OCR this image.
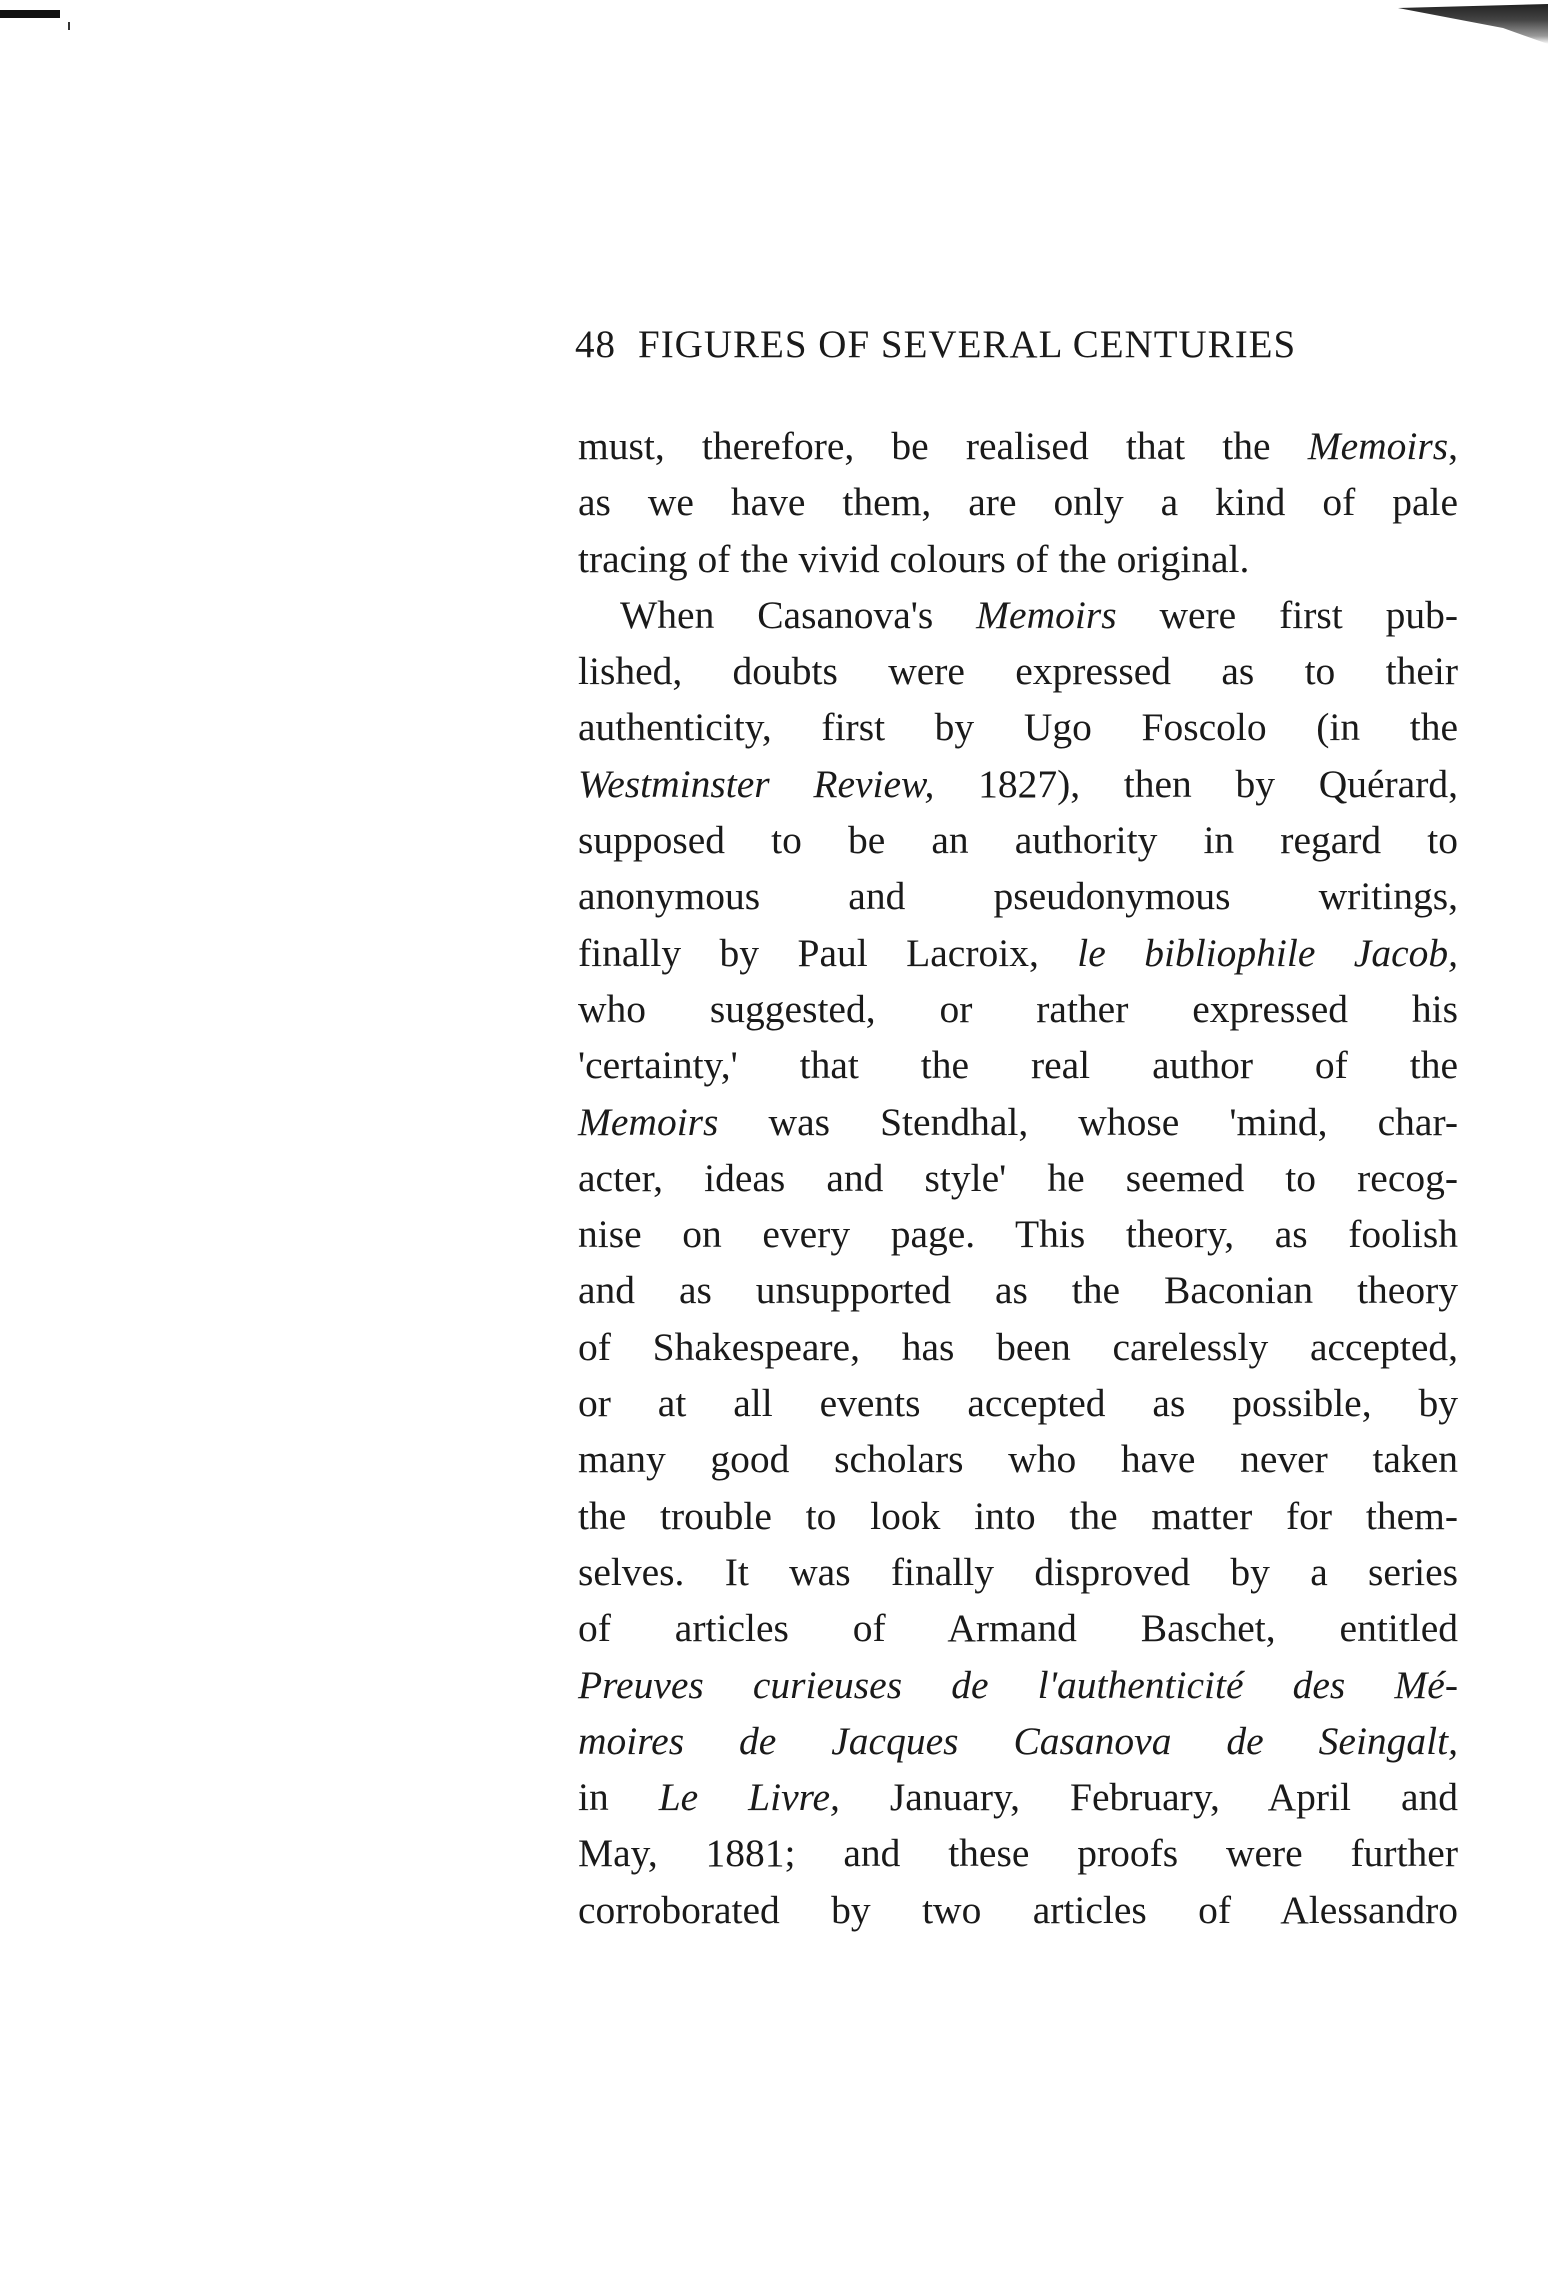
48 FIGURES OF SEVERAL CENTURIES
must, therefore, be realised that the Memoirs,
as we have them, are only a kind of pale
tracing of the vivid colours of the original.
When Casanova's Memoirs were first pub-
lished, doubts were expressed as to their
authenticity, first by Ugo Foscolo (in the
Westminster Review, 1827), then by Quérard,
supposed to be an authority in regard to
anonymous and pseudonymous writings,
finally by Paul Lacroix, le bibliophile Jacob,
who suggested, or rather expressed his
'certainty,' that the real author of the
Memoirs was Stendhal, whose 'mind, char-
acter, ideas and style' he seemed to recog-
nise on every page. This theory, as foolish
and as unsupported as the Baconian theory
of Shakespeare, has been carelessly accepted,
or at all events accepted as possible, by
many good scholars who have never taken
the trouble to look into the matter for them-
selves. It was finally disproved by a series
of articles of Armand Baschet, entitled
Preuves curieuses de l'authenticité des Mé-
moires de Jacques Casanova de Seingalt,
in Le Livre, January, February, April and
May, 1881; and these proofs were further
corroborated by two articles of Alessandro
